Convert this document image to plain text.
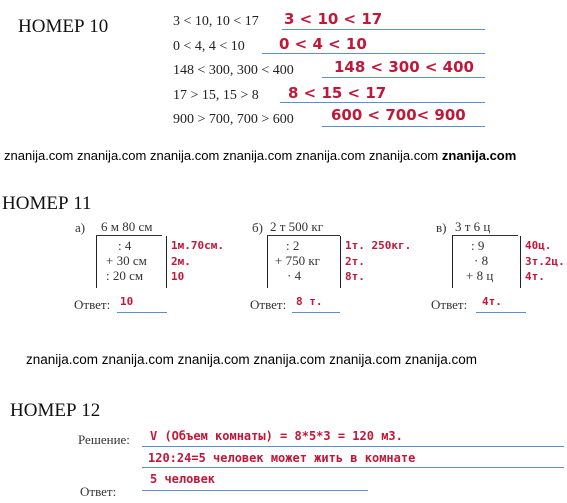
НОМЕР 10	3 < 10, 10 < 17 3 < 10 < 17
0 < 4, 4 < 10 0 < 4 < 10
148 < 300, 300 < 400	148 < 300 < 400
17 > 15, 15 > 8 8 < 15 < 17
900 > 700, 700 > 600 600 < 700< 900
znanija.com znanija.com znanija.com znanija.com znanija.com znanija.com znanija.com
НОМЕР 11
а) 6 м 80 см
: 4
+ 30 см
: 20 см
1м.70см.
2м.
10
Ответ: 10
б) 2 т 500 кг
: 2
+ 750 кг
· 4
1т. 250кг.
2т.
8т.
Ответ: 8 т.
в) 3 т 6 ц
: 9
· 8
+ 8 ц
40ц.
3т.2ц.
4т.
Ответ: 4т.
znanija.com znanija.com znanija.com znanija.com znanija.com znanija.com
НОМЕР 12
Решение: V (Объем комнаты) = 8*5*3 = 120 м3.
120:24=5 человек может жить в комнате
Ответ:
5 человек
